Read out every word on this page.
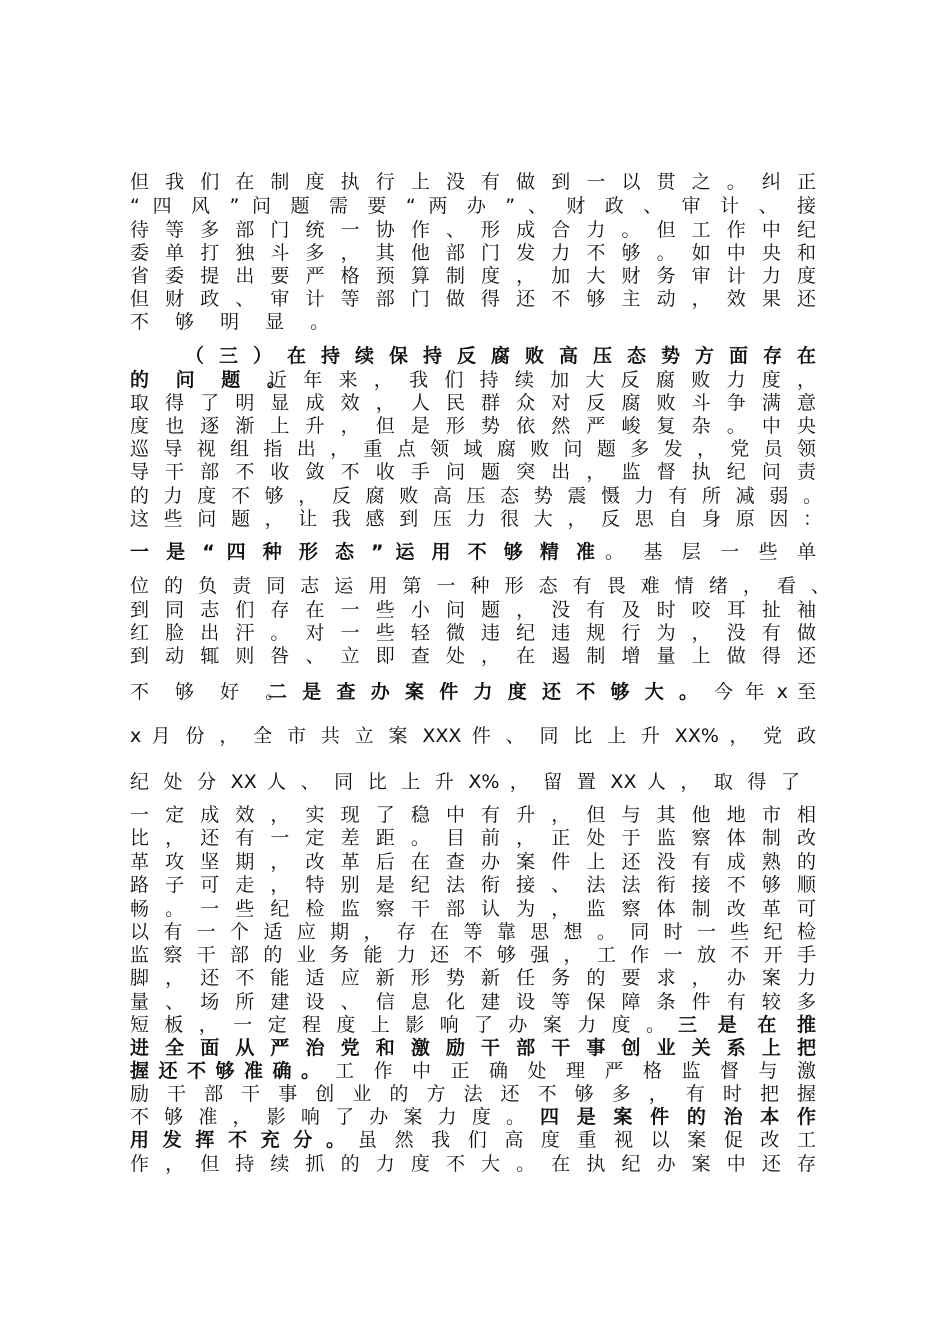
但 我 们 在 制 度 执 行 上 没 有 做 到 一 以 贯 之 。 纠 正
“ 四 风 ” 问 题 需 要 “ 两 办 ” 、 财 政 、 审 计 、 接
待 等 多 部 门 统 一 协 作 、 形 成 合 力 。 但 工 作 中 纪
委 单 打 独 斗 多 ， 其 他 部 门 发 力 不 够 。 如 中 央 和
省 委 提 出 要 严 格 预 算 制 度 ， 加 大 财 务 审 计 力 度
但 财 政 、 审 计 等 部 门 做 得 还 不 够 主 动 ， 效 果 还
不 够 明 显 。
（ 三 ） 在 持 续 保 持 反 腐 败 高 压 态 势 方 面 存 在
的 问 题 。
近 年 来 ， 我 们 持 续 加 大 反 腐 败 力 度 ，
取 得 了 明 显 成 效 ， 人 民 群 众 对 反 腐 败 斗 争 满 意
度 也 逐 渐 上 升 ， 但 是 形 势 依 然 严 峻 复 杂 。 中 央
巡 导 视 组 指 出 ， 重 点 领 域 腐 败 问 题 多 发 ， 党 员 领
导 干 部 不 收 敛 不 收 手 问 题 突 出 ， 监 督 执 纪 问 责
的 力 度 不 够 ， 反 腐 败 高 压 态 势 震 慑 力 有 所 减 弱 。
这 些 问 题 ， 让 我 感 到 压 力 很 大 ， 反 思 自 身 原 因 ：
一 是 “ 四 种 形 态 ” 运 用 不 够 精 准 。 基 层 一 些 单
位 的 负 责 同 志 运 用 第 一 种 形 态 有 畏 难 情 绪 ， 看 、
到 同 志 们 存 在 一 些 小 问 题 ， 没 有 及 时 咬 耳 扯 袖
红 脸 出 汗 。 对 一 些 轻 微 违 纪 违 规 行 为 ， 没 有 做
到 动 辄 则 咎 、 立 即 查 处 ， 在 遏 制 增 量 上 做 得 还
不 够 好 。
二 是 查 办 案 件 力 度 还 不 够 大 。 今 年 x 至
x 月 份 ， 全 市 共 立 案 XXX 件 、 同 比 上 升 XX% ， 党 政
纪 处 分 XX 人 、 同 比 上 升 X% ， 留 置 XX 人 ， 取 得 了
一 定 成 效 ， 实 现 了 稳 中 有 升 ， 但 与 其 他 地 市 相
比 ， 还 有 一 定 差 距 。 目 前 ， 正 处 于 监 察 体 制 改
革 攻 坚 期 ， 改 革 后 在 查 办 案 件 上 还 没 有 成 熟 的
路 子 可 走 ， 特 别 是 纪 法 衔 接 、 法 法 衔 接 不 够 顺
畅 。 一 些 纪 检 监 察 干 部 认 为 ， 监 察 体 制 改 革 可
以 有 一 个 适 应 期 ， 存 在 等 靠 思 想 。 同 时 一 些 纪 检
监 察 干 部 的 业 务 能 力 还 不 够 强 ， 工 作 一 放 不 开 手
脚 ， 还 不 能 适 应 新 形 势 新 任 务 的 要 求 ， 办 案 力
量 、 场 所 建 设 、 信 息 化 建 设 等 保 障 条 件 有 较 多
短 板 ， 一 定 程 度 上 影 响 了 办 案 力 度 。 三 是 在 推
进 全 面 从 严 治 党 和 激 励 干 部 干 事 创 业 关 系 上 把
握 还 不 够 准 确 。 工 作 中 正 确 处 理 严 格 监 督 与 激
励 干 部 干 事 创 业 的 方 法 还 不 够 多 ， 有 时 把 握
不 够 准 ， 影 响 了 办 案 力 度 。 四 是 案 件 的 治 本 作
用 发 挥 不 充 分 。 虽 然 我 们 高 度 重 视 以 案 促 改 工
作 ， 但 持 续 抓 的 力 度 不 大 。 在 执 纪 办 案 中 还 存
